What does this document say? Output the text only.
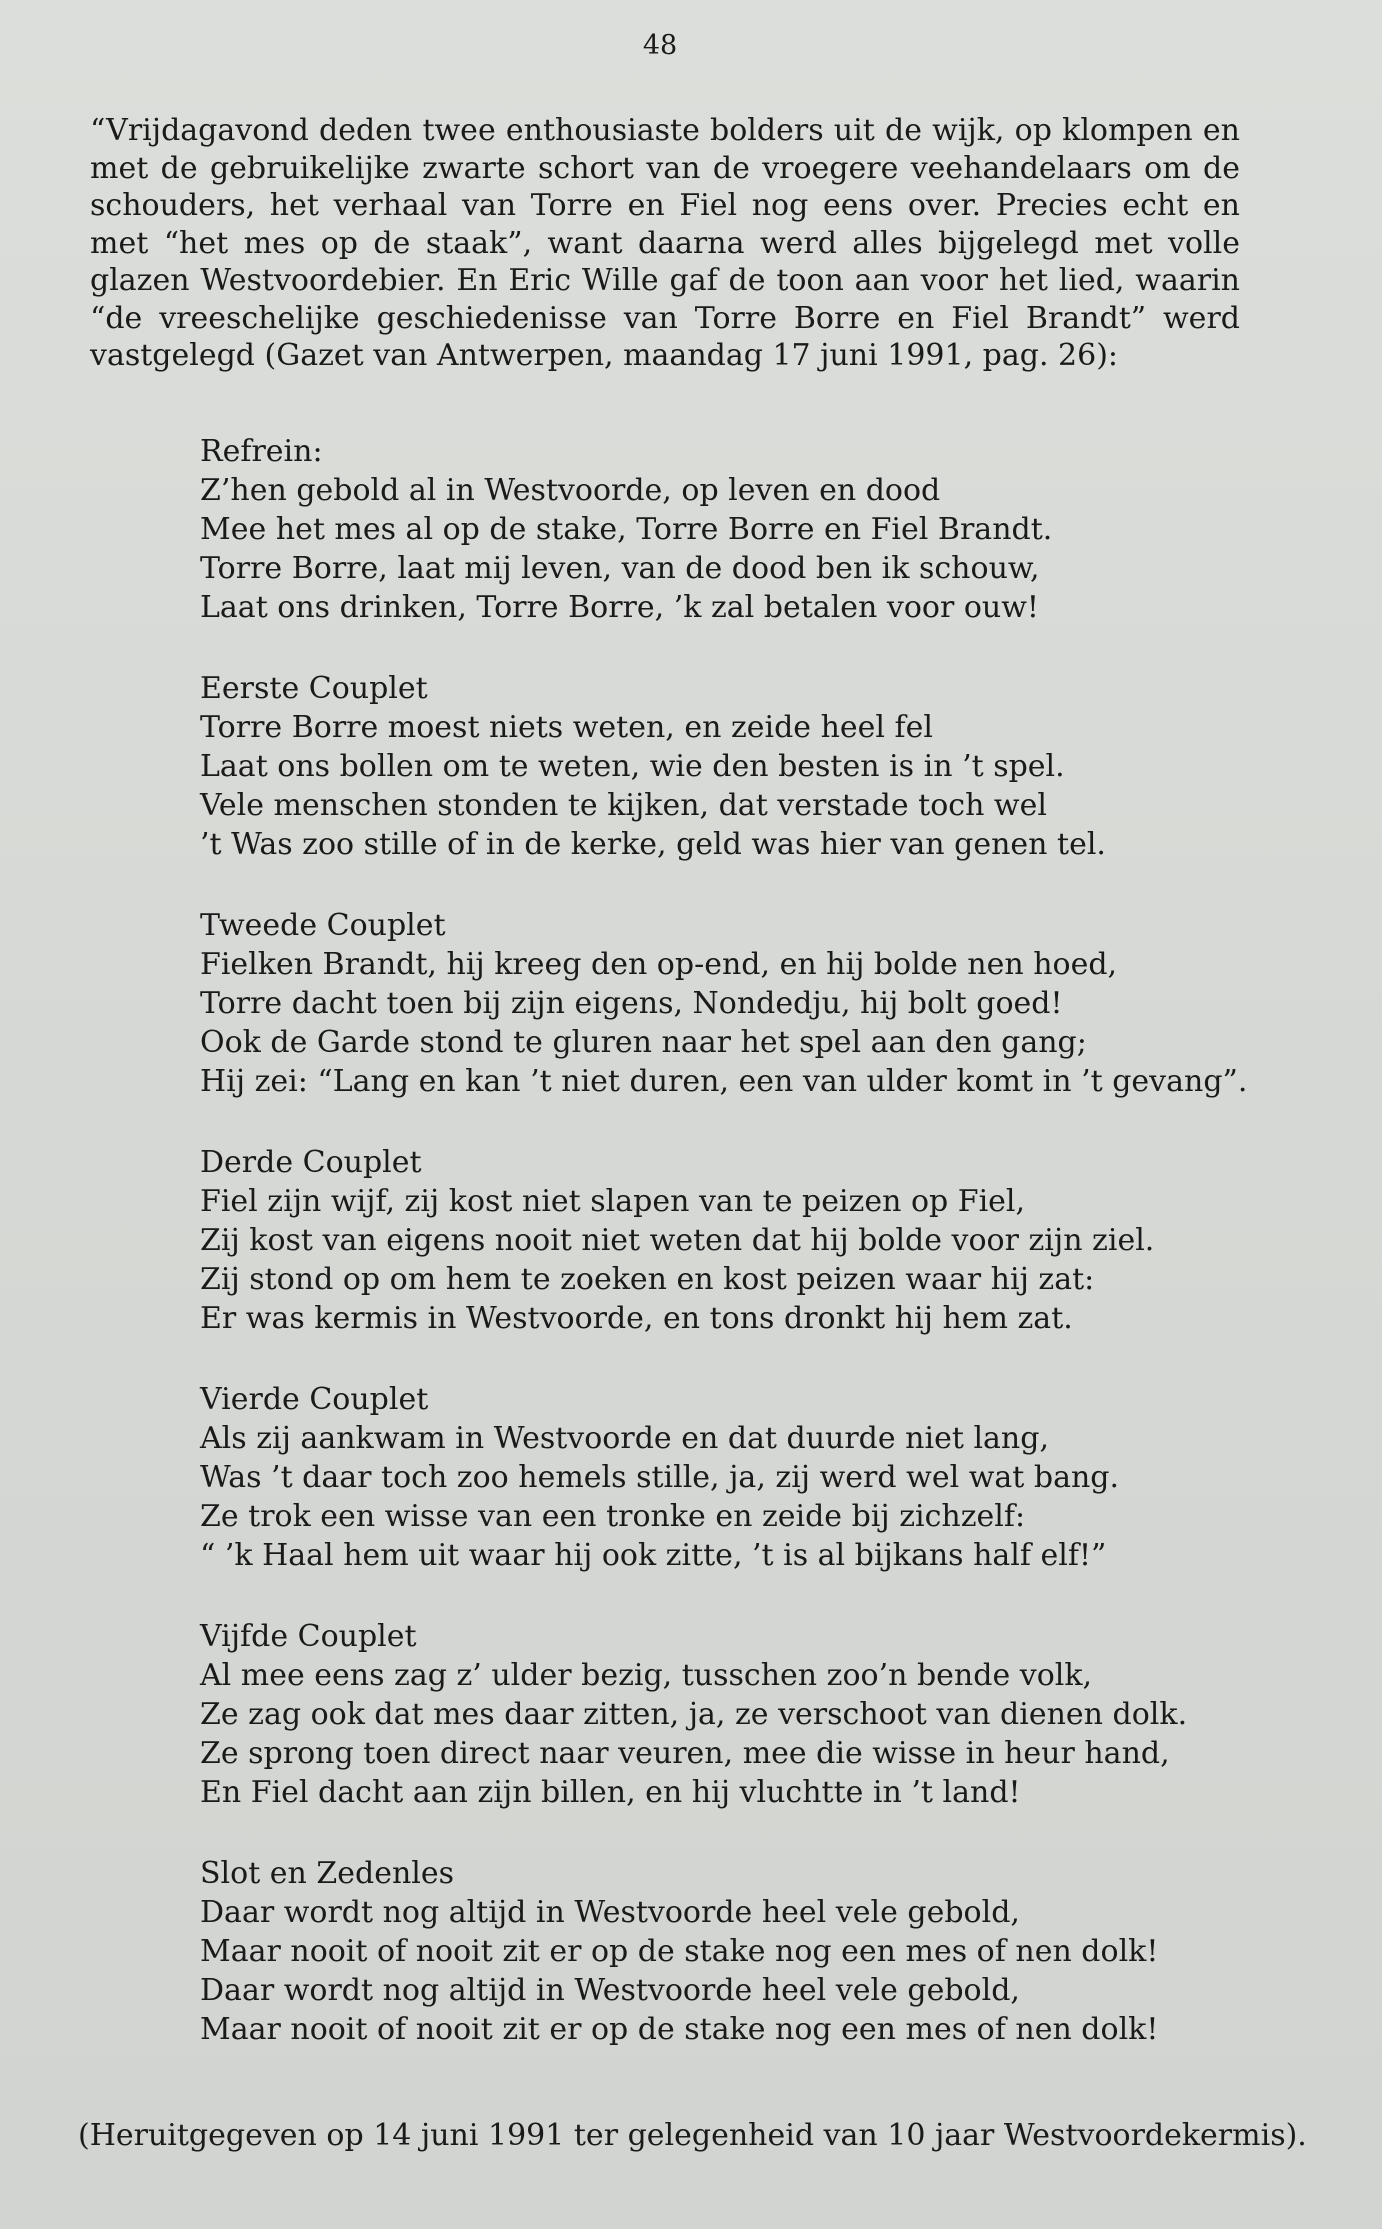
48

“Vrijdagavond deden twee enthousiaste bolders uit de wijk, op klompen en met de gebruikelijke zwarte schort van de vroegere veehandelaars om de schouders, het verhaal van Torre en Fiel nog eens over. Precies echt en met “het mes op de staak”, want daarna werd alles bijgelegd met volle glazen Westvoordebier. En Eric Wille gaf de toon aan voor het lied, waarin “de vreeschelijke geschiedenisse van Torre Borre en Fiel Brandt” werd vastgelegd (Gazet van Antwerpen, maandag 17 juni 1991, pag. 26):

Refrein:
Z’hen gebold al in Westvoorde, op leven en dood
Mee het mes al op de stake, Torre Borre en Fiel Brandt.
Torre Borre, laat mij leven, van de dood ben ik schouw,
Laat ons drinken, Torre Borre, ’k zal betalen voor ouw!
Eerste Couplet
Torre Borre moest niets weten, en zeide heel fel
Laat ons bollen om te weten, wie den besten is in ’t spel.
Vele menschen stonden te kijken, dat verstade toch wel
’t Was zoo stille of in de kerke, geld was hier van genen tel.
Tweede Couplet
Fielken Brandt, hij kreeg den op-end, en hij bolde nen hoed,
Torre dacht toen bij zijn eigens, Nondedju, hij bolt goed!
Ook de Garde stond te gluren naar het spel aan den gang;
Hij zei: “Lang en kan ’t niet duren, een van ulder komt in ’t gevang”.
Derde Couplet
Fiel zijn wijf, zij kost niet slapen van te peizen op Fiel,
Zij kost van eigens nooit niet weten dat hij bolde voor zijn ziel.
Zij stond op om hem te zoeken en kost peizen waar hij zat:
Er was kermis in Westvoorde, en tons dronkt hij hem zat.
Vierde Couplet
Als zij aankwam in Westvoorde en dat duurde niet lang,
Was ’t daar toch zoo hemels stille, ja, zij werd wel wat bang.
Ze trok een wisse van een tronke en zeide bij zichzelf:
“ ’k Haal hem uit waar hij ook zitte, ’t is al bijkans half elf!”
Vijfde Couplet
Al mee eens zag z’ ulder bezig, tusschen zoo’n bende volk,
Ze zag ook dat mes daar zitten, ja, ze verschoot van dienen dolk.
Ze sprong toen direct naar veuren, mee die wisse in heur hand,
En Fiel dacht aan zijn billen, en hij vluchtte in ’t land!
Slot en Zedenles
Daar wordt nog altijd in Westvoorde heel vele gebold,
Maar nooit of nooit zit er op de stake nog een mes of nen dolk!
Daar wordt nog altijd in Westvoorde heel vele gebold,
Maar nooit of nooit zit er op de stake nog een mes of nen dolk!
(Heruitgegeven op 14 juni 1991 ter gelegenheid van 10 jaar Westvoordekermis).
